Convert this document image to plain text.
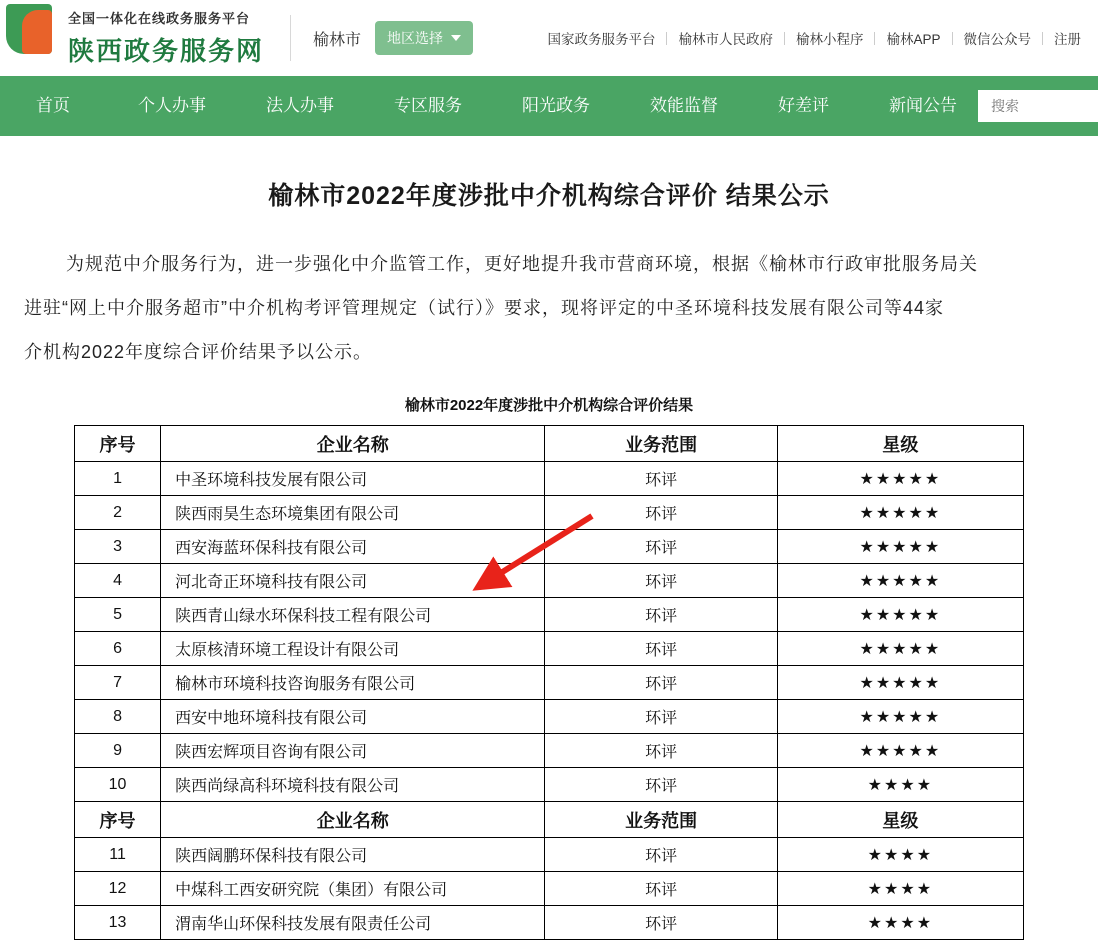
全国一体化在线政务服务平台
陕西政务服务网	榆林市 地区选择	国家政务服务平台	榆林市人民政府	榆林小程序	榆林APP	微信公众号	注册
首页	个人办事	法人办事	专区服务	阳光政务	效能监督	好差评	新闻公告
搜索
榆林市2022年度涉批中介机构综合评价 结果公示
为规范中介服务行为，进一步强化中介监管工作，更好地提升我市营商环境，根据《榆林市行政审批服务局关
进驻“网上中介服务超市”中介机构考评管理规定（试行）》要求，现将评定的中圣环境科技发展有限公司等44家
介机构2022年度综合评价结果予以公示。
榆林市2022年度涉批中介机构综合评价结果
序号	企业名称	业务范围	星级
1	中圣环境科技发展有限公司	环评	★★★★★
2	陕西雨昊生态环境集团有限公司	环评	★★★★★
3	西安海蓝环保科技有限公司	环评	★★★★★
4	河北奇正环境科技有限公司	环评	★★★★★
5	陕西青山绿水环保科技工程有限公司	环评	★★★★★
6	太原核清环境工程设计有限公司	环评	★★★★★
7	榆林市环境科技咨询服务有限公司	环评	★★★★★
8	西安中地环境科技有限公司	环评	★★★★★
9	陕西宏辉项目咨询有限公司	环评	★★★★★
10	陕西尚绿高科环境科技有限公司	环评	★★★★
序号	企业名称	业务范围	星级
11	陕西阔鹏环保科技有限公司	环评	★★★★
12	中煤科工西安研究院（集团）有限公司	环评	★★★★
13	渭南华山环保科技发展有限责任公司	环评	★★★★
